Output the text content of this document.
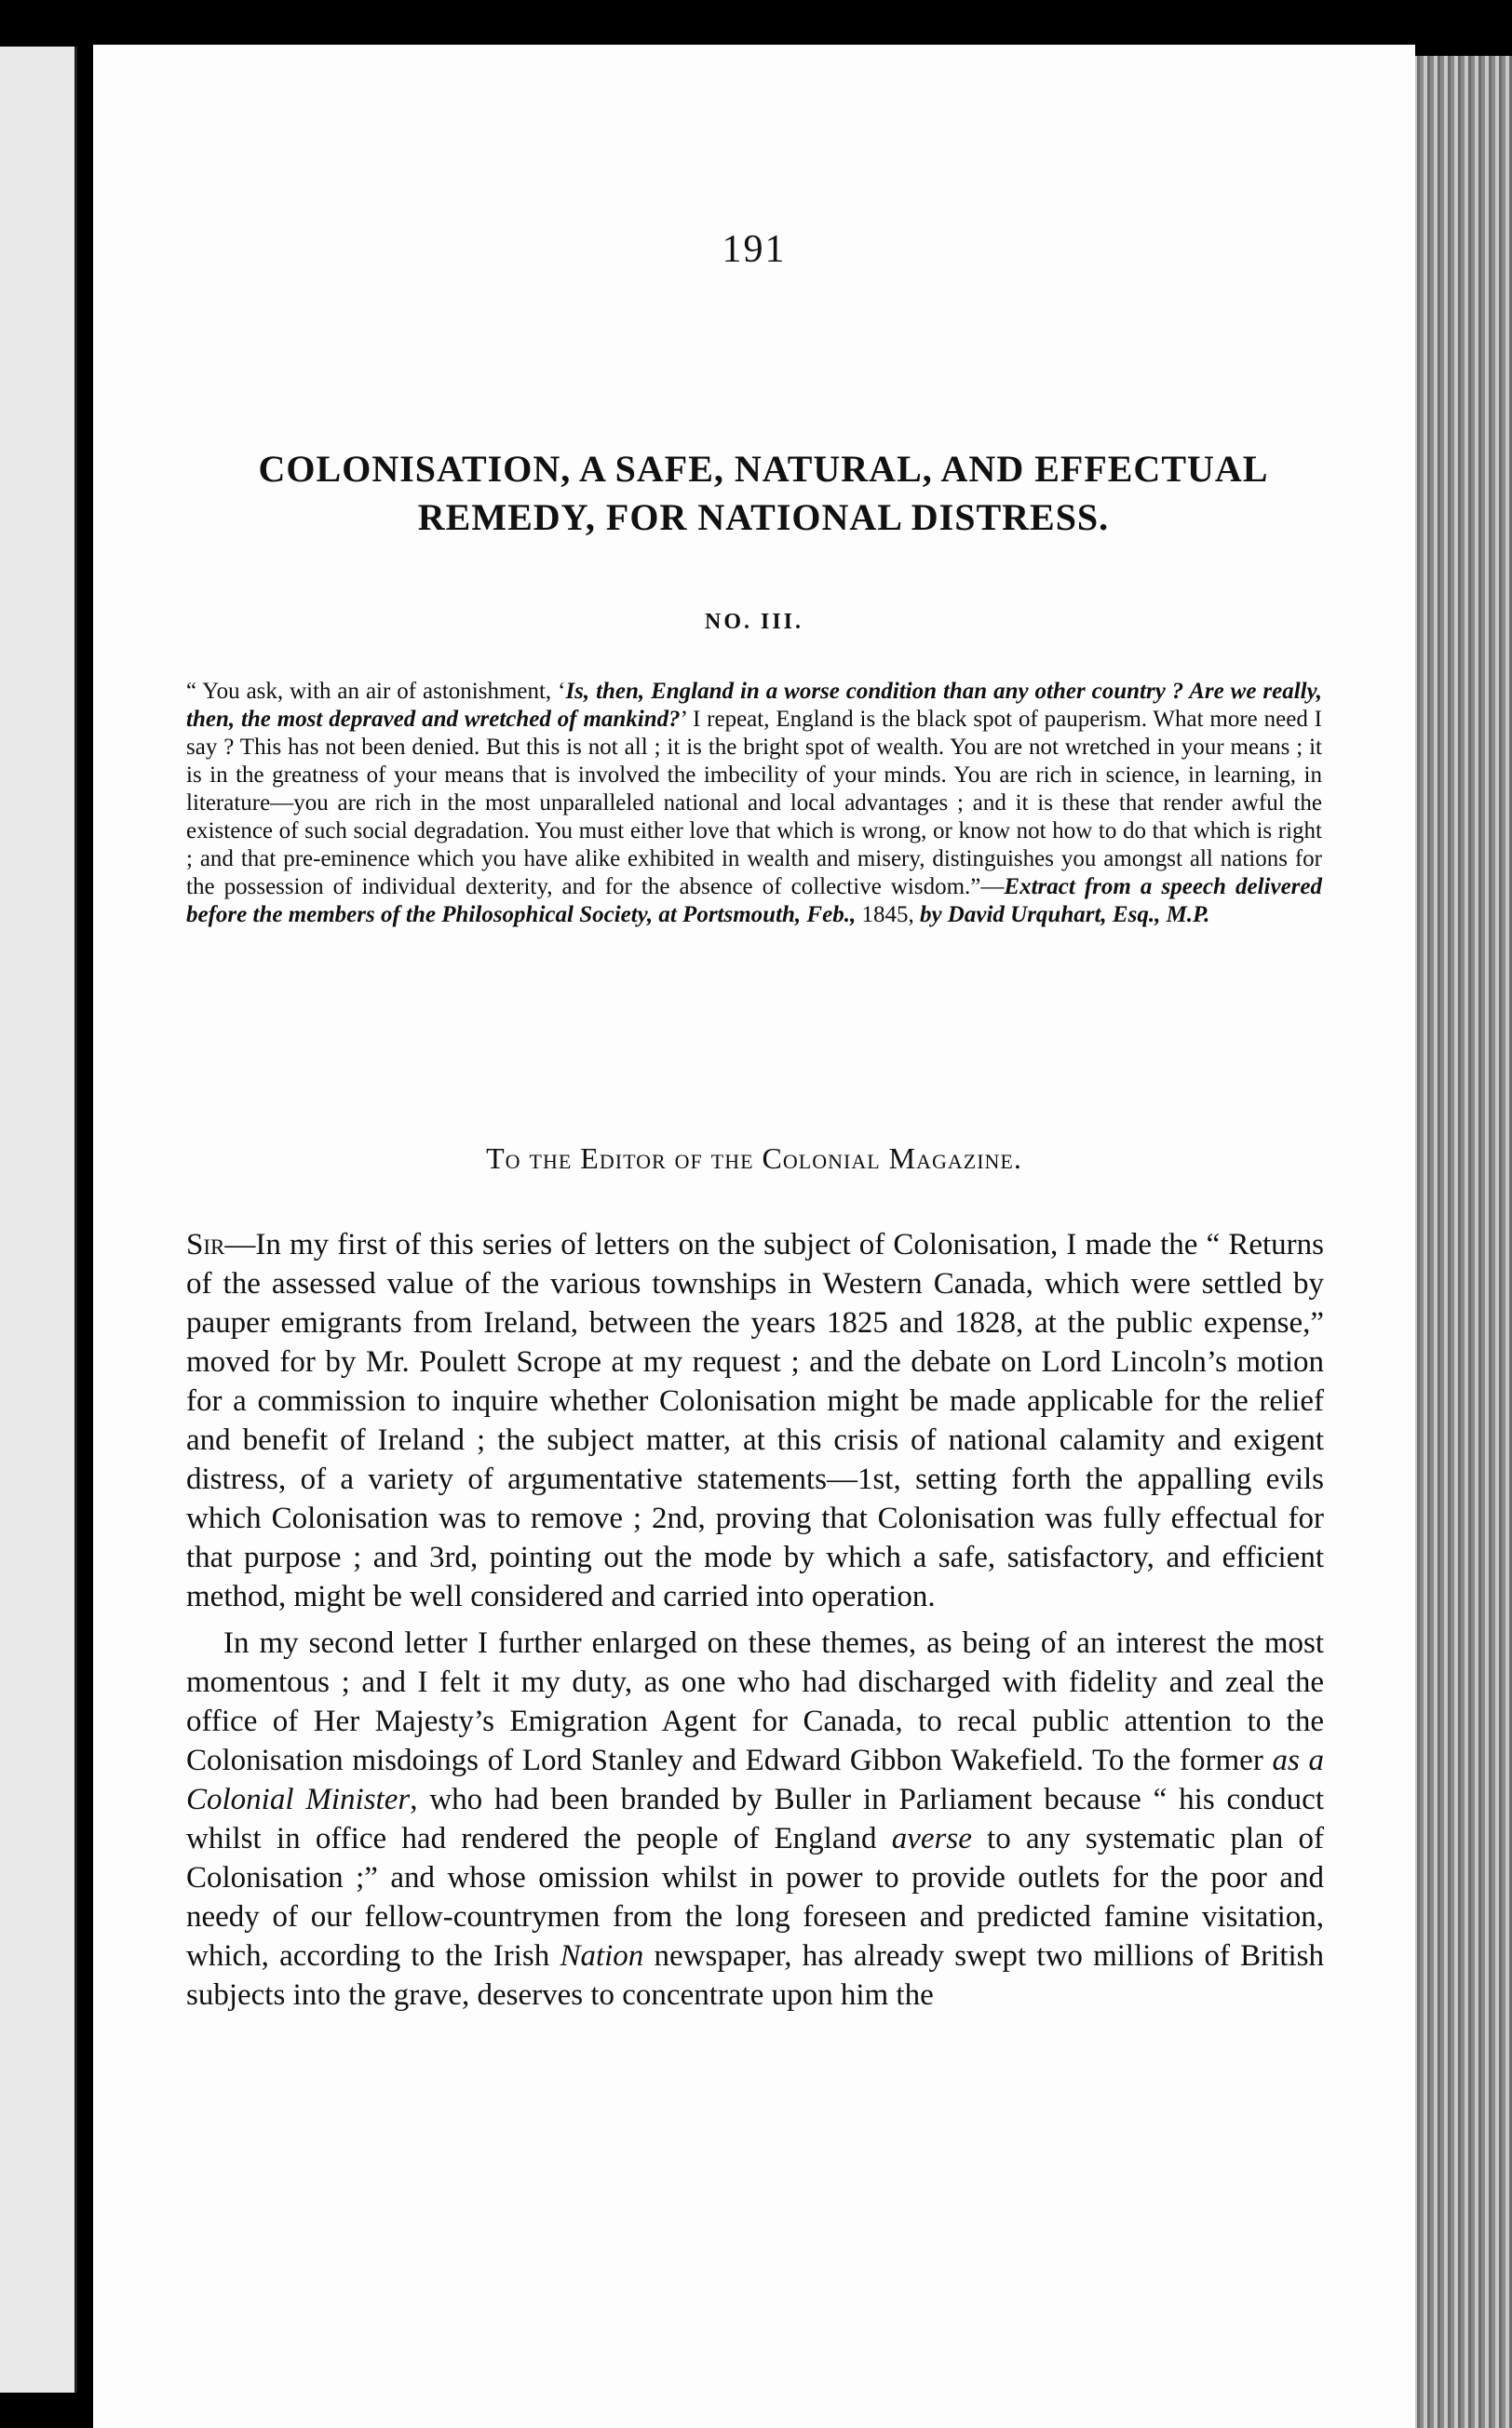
191
COLONISATION, A SAFE, NATURAL, AND EFFECTUAL
REMEDY, FOR NATIONAL DISTRESS.
NO. III.
“ You ask, with an air of astonishment, ‘Is, then, England in a worse condition than any other country ? Are we really, then, the most depraved and wretched of mankind?’ I repeat, England is the black spot of pauperism. What more need I say ? This has not been denied. But this is not all ; it is the bright spot of wealth. You are not wretched in your means ; it is in the greatness of your means that is involved the imbecility of your minds. You are rich in science, in learning, in literature—you are rich in the most unparalleled national and local advantages ; and it is these that render awful the existence of such social degradation. You must either love that which is wrong, or know not how to do that which is right ; and that pre-eminence which you have alike exhibited in wealth and misery, distinguishes you amongst all nations for the possession of individual dexterity, and for the absence of collective wisdom.”—Extract from a speech delivered before the members of the Philosophical Society, at Portsmouth, Feb., 1845, by David Urquhart, Esq., M.P.
To the Editor of the Colonial Magazine.

Sir—In my first of this series of letters on the subject of Colonisation, I made the “ Returns of the assessed value of the various townships in Western Canada, which were settled by pauper emigrants from Ireland, between the years 1825 and 1828, at the public expense,” moved for by Mr. Poulett Scrope at my request ; and the debate on Lord Lincoln’s motion for a commission to inquire whether Colonisation might be made applicable for the relief and benefit of Ireland ; the subject matter, at this crisis of national calamity and exigent distress, of a variety of argumentative statements—1st, setting forth the appalling evils which Colonisation was to remove ; 2nd, proving that Colonisation was fully effectual for that purpose ; and 3rd, pointing out the mode by which a safe, satisfactory, and efficient method, might be well considered and carried into operation.

In my second letter I further enlarged on these themes, as being of an interest the most momentous ; and I felt it my duty, as one who had discharged with fidelity and zeal the office of Her Majesty’s Emigration Agent for Canada, to recal public attention to the Colonisation misdoings of Lord Stanley and Edward Gibbon Wakefield. To the former as a Colonial Minister, who had been branded by Buller in Parliament because “ his conduct whilst in office had rendered the people of England averse to any systematic plan of Colonisation ;” and whose omission whilst in power to provide outlets for the poor and needy of our fellow-countrymen from the long foreseen and predicted famine visitation, which, according to the Irish Nation newspaper, has already swept two millions of British subjects into the grave, deserves to concentrate upon him the
